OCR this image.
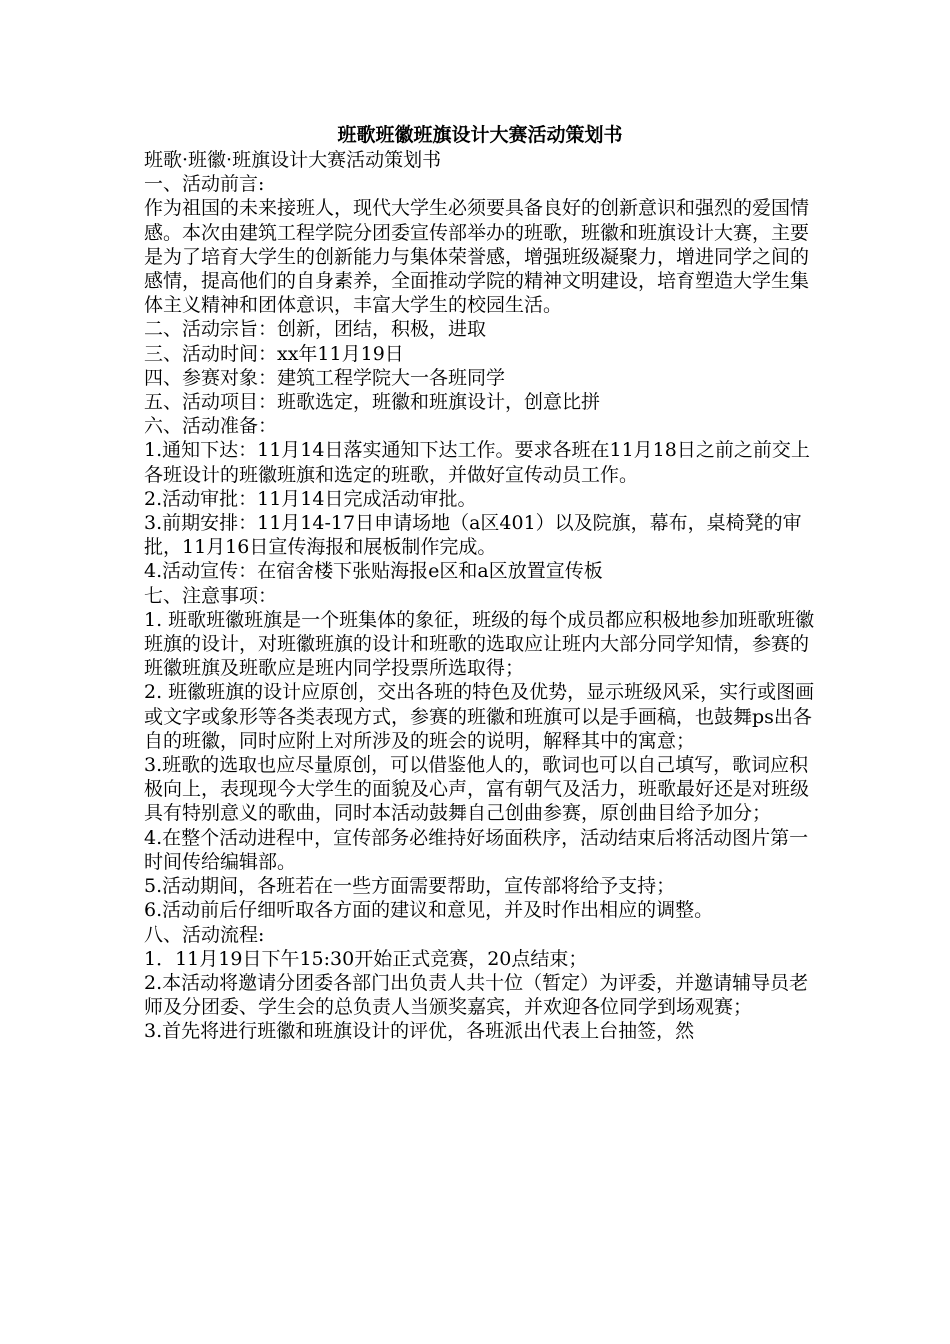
班歌班徽班旗设计大赛活动策划书

班歌·班徽·班旗设计大赛活动策划书

一、活动前言:

作为祖国的未来接班人，现代大学生必须要具备良好的创新意识和强烈的爱国情感。本次由建筑工程学院分团委宣传部举办的班歌，班徽和班旗设计大赛，主要是为了培育大学生的创新能力与集体荣誉感，增强班级凝聚力，增进同学之间的感情，提高他们的自身素养，全面推动学院的精神文明建设，培育塑造大学生集体主义精神和团体意识，丰富大学生的校园生活。

二、活动宗旨：创新，团结，积极，进取

三、活动时间：xx年11月19日

四、参赛对象：建筑工程学院大一各班同学

五、活动项目：班歌选定，班徽和班旗设计，创意比拼

六、活动准备：

1.通知下达：11月14日落实通知下达工作。要求各班在11月18日之前之前交上各班设计的班徽班旗和选定的班歌，并做好宣传动员工作。

2.活动审批：11月14日完成活动审批。

3.前期安排：11月14-17日申请场地（a区401）以及院旗，幕布，桌椅凳的审批，11月16日宣传海报和展板制作完成。

4.活动宣传：在宿舍楼下张贴海报e区和a区放置宣传板

七、注意事项：

1. 班歌班徽班旗是一个班集体的象征，班级的每个成员都应积极地参加班歌班徽班旗的设计，对班徽班旗的设计和班歌的选取应让班内大部分同学知情，参赛的班徽班旗及班歌应是班内同学投票所选取得；

2. 班徽班旗的设计应原创，交出各班的特色及优势，显示班级风采，实行或图画或文字或象形等各类表现方式，参赛的班徽和班旗可以是手画稿，也鼓舞ps出各自的班徽，同时应附上对所涉及的班会的说明，解释其中的寓意；

3.班歌的选取也应尽量原创，可以借鉴他人的，歌词也可以自己填写，歌词应积极向上，表现现今大学生的面貌及心声，富有朝气及活力，班歌最好还是对班级具有特别意义的歌曲，同时本活动鼓舞自己创曲参赛，原创曲目给予加分；

4.在整个活动进程中，宣传部务必维持好场面秩序，活动结束后将活动图片第一时间传给编辑部。

5.活动期间，各班若在一些方面需要帮助，宣传部将给予支持；

6.活动前后仔细听取各方面的建议和意见，并及时作出相应的调整。

八、活动流程:

1．11月19日下午15:30开始正式竞赛，20点结束；

2.本活动将邀请分团委各部门出负责人共十位（暂定）为评委，并邀请辅导员老师及分团委、学生会的总负责人当颁奖嘉宾，并欢迎各位同学到场观赛；

3.首先将进行班徽和班旗设计的评优，各班派出代表上台抽签，然
